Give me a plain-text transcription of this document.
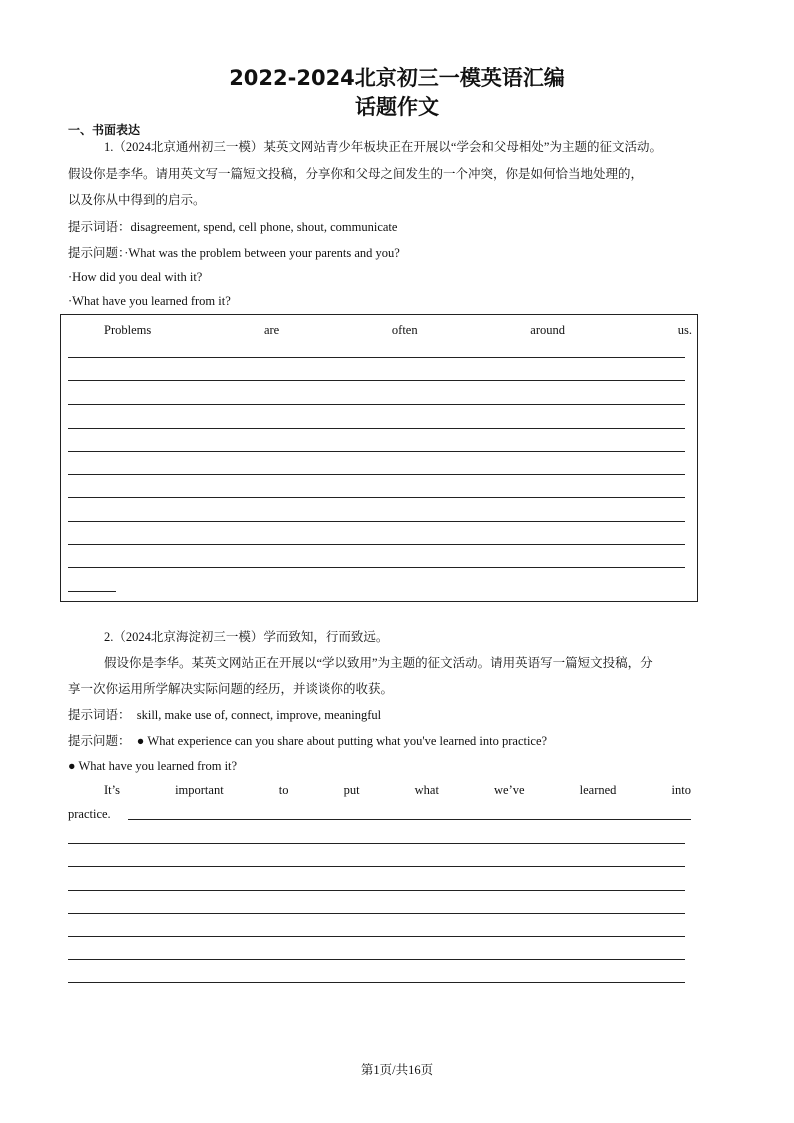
2022-2024北京初三一模英语汇编
话题作文
一、书面表达
1.（2024北京通州初三一模）某英文网站青少年板块正在开展以“学会和父母相处”为主题的征文活动。
假设你是李华。请用英文写一篇短文投稿，分享你和父母之间发生的一个冲突，你是如何恰当地处理的，
以及你从中得到的启示。
提示词语：disagreement, spend, cell phone, shout, communicate
提示问题：·What was the problem between your parents and you?
·How did you deal with it?
·What have you learned from it?
Problems	are	often	around	us.
2.（2024北京海淀初三一模）学而致知，行而致远。
假设你是李华。某英文网站正在开展以“学以致用”为主题的征文活动。请用英语写一篇短文投稿，分
享一次你运用所学解决实际问题的经历，并谈谈你的收获。
提示词语：　skill, make use of, connect, improve, meaningful
提示问题：　● What experience can you share about putting what you've learned into practice?
● What have you learned from it?
It’s	important	to	put	what	we’ve	learned	into
practice.
第1页/共16页
